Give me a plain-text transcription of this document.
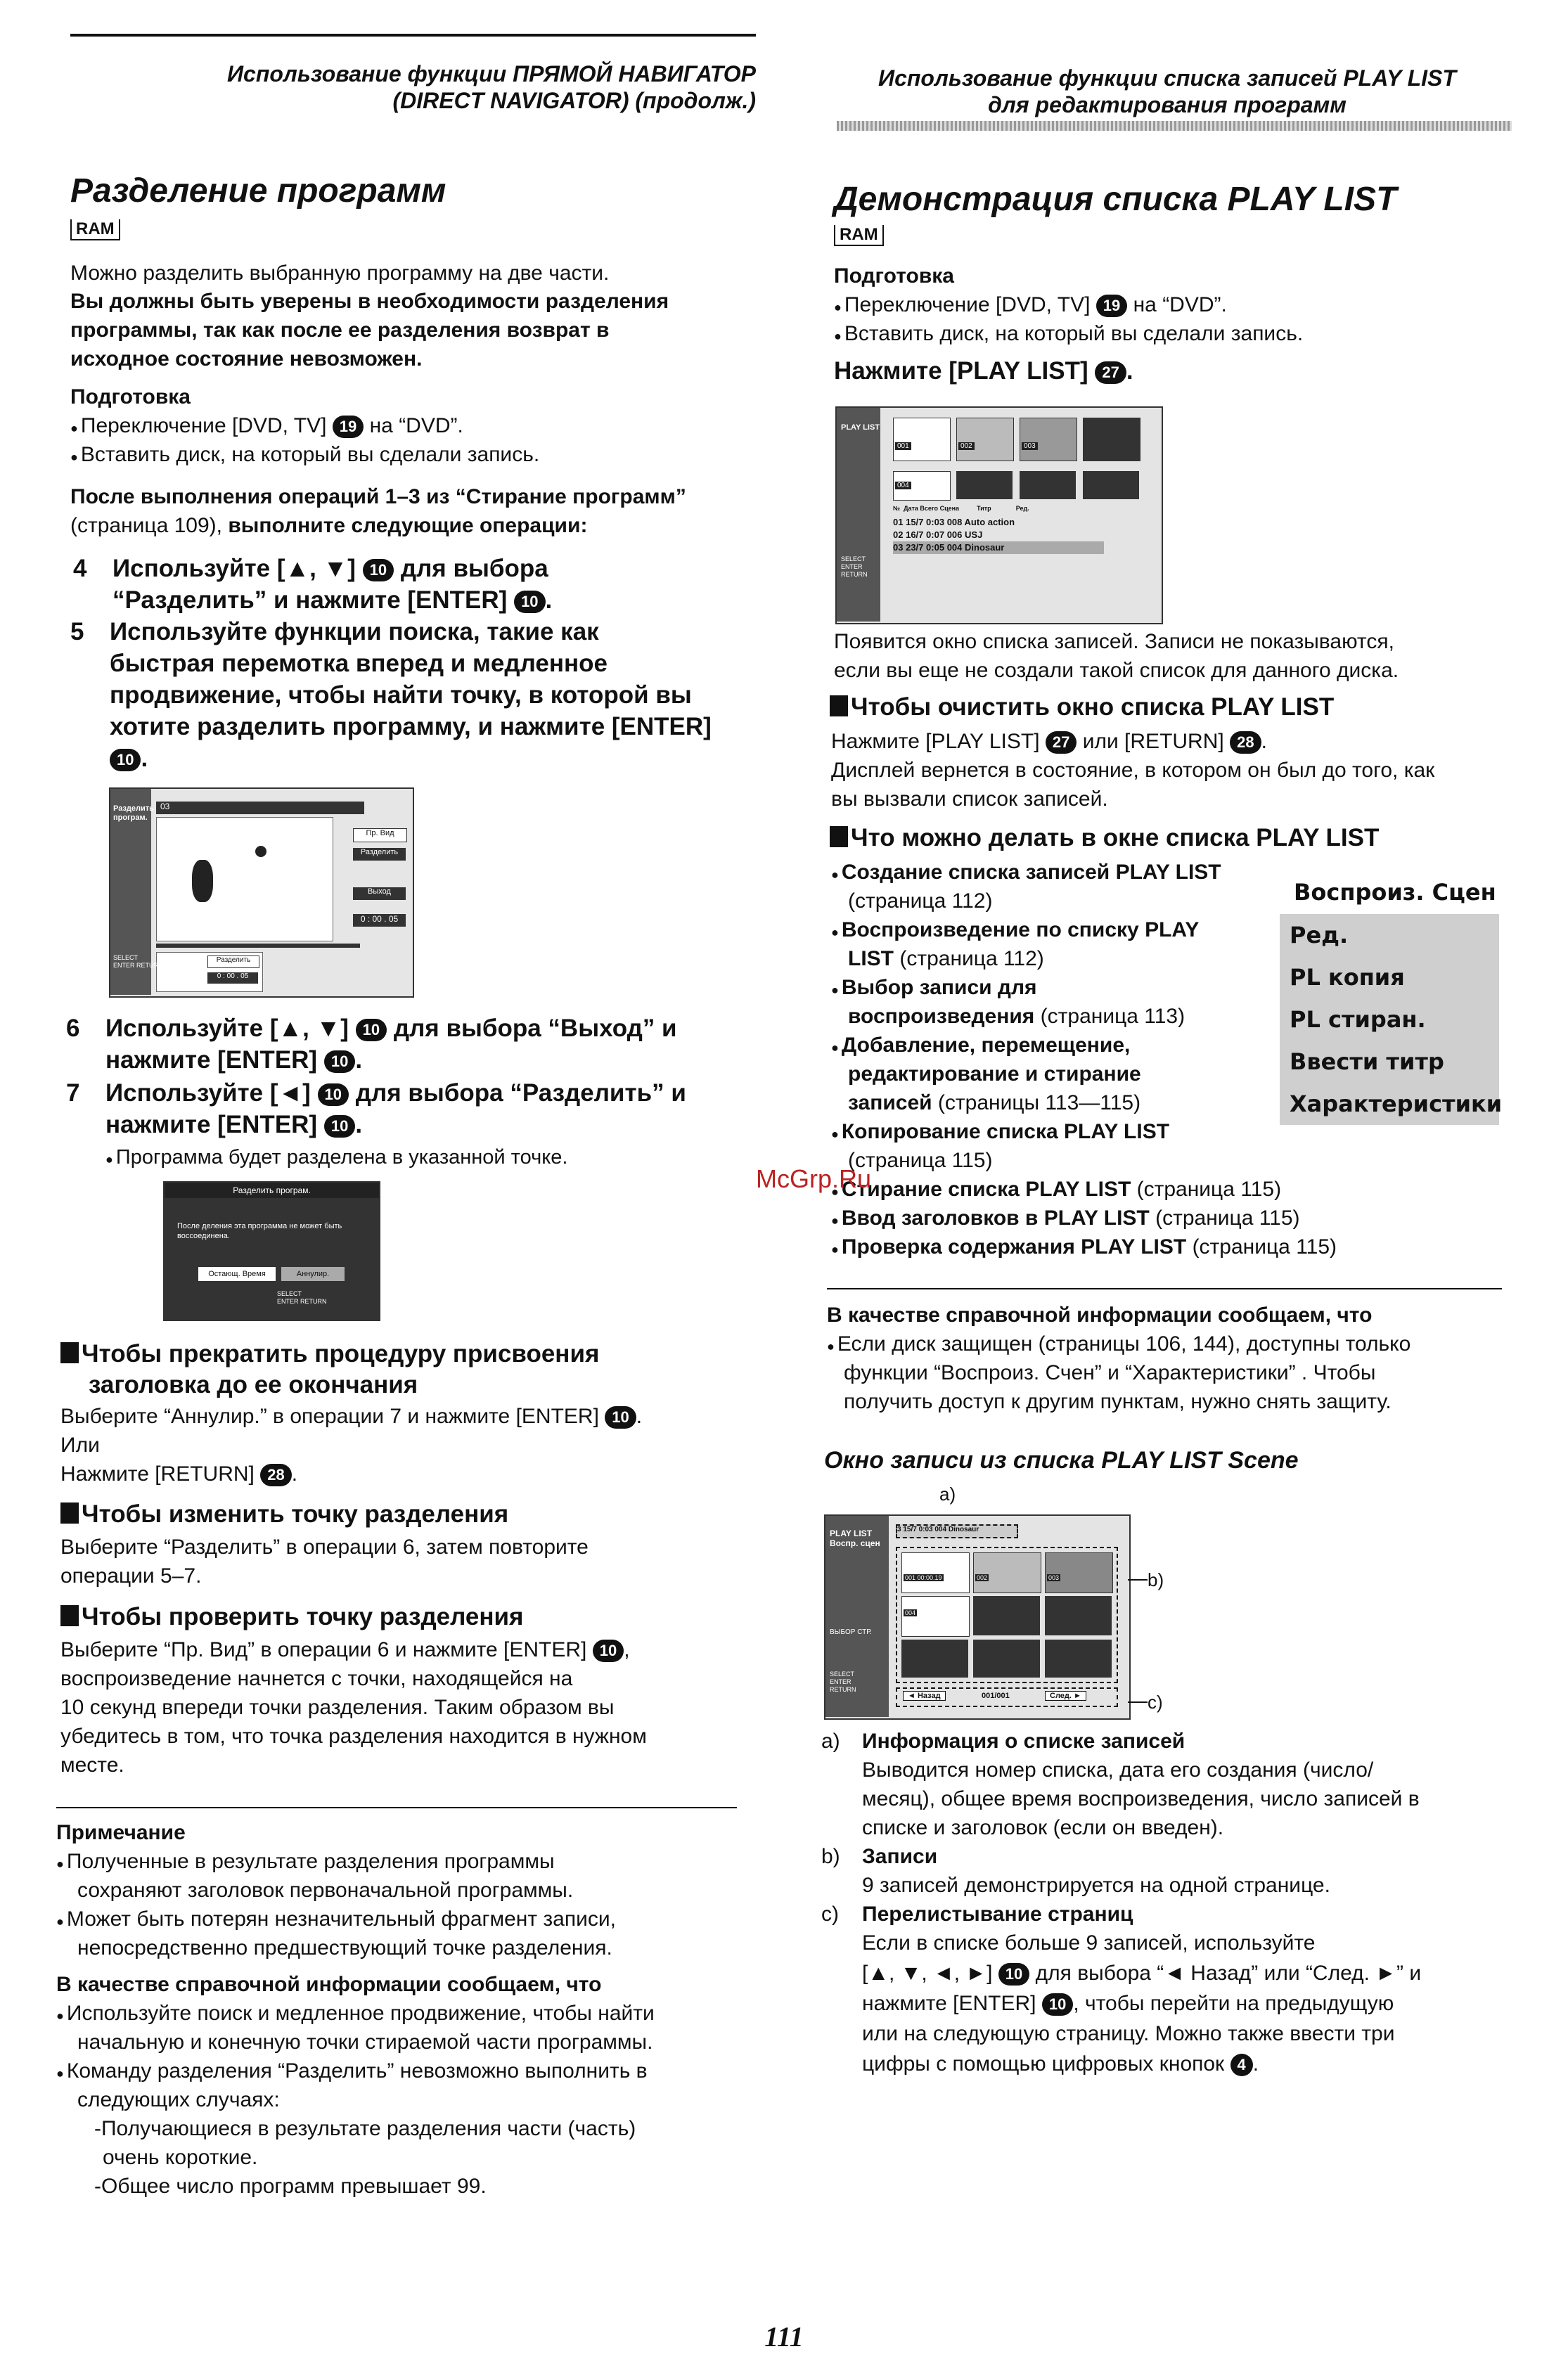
Использование функции ПРЯМОЙ НАВИГАТОР
(DIRECT NAVIGATOR) (продолж.)
Использование функции списка записей PLAY LIST
для редактирования программ
Разделение программ
RAM
Можно разделить выбранную программу на две части.
Вы должны быть уверены в необходимости разделения
программы, так как после ее разделения возврат в
исходное состояние невозможен.
Подготовка
● Переключение [DVD, TV] 19 на “DVD”.
● Вставить диск, на который вы сделали запись.
После выполнения операций 1–3 из “Стирание программ”
(страница 109), выполните следующие операции:
4 Используйте [▲, ▼] 10 для выбора
“Разделить” и нажмите [ENTER] 10 .
5 Используйте функции поиска, такие как
быстрая перемотка вперед и медленное
продвижение, чтобы найти точку, в которой вы
хотите разделить программу, и нажмите [ENTER]
10 .
Разделить
програм.
03
Пр. Вид
Разделить
Выход
0 : 00 . 05
Разделить
0 : 00 . 05
SELECT
ENTER RETURN
6 Используйте [▲, ▼] 10 для выбора “Выход” и
нажмите [ENTER] 10 .
7 Используйте [◄] 10 для выбора “Разделить” и
нажмите [ENTER] 10 .
● Программа будет разделена в указанной точке.
Разделить програм.
После деления эта программа не может быть
воссоединена.
Остающ. Время	Аннулир.
SELECT
ENTER RETURN
Чтобы прекратить процедуру присвоения
заголовка до ее окончания
Выберите “Аннулир.” в операции 7 и нажмите [ENTER] 10 .
Или
Нажмите [RETURN] 28 .
Чтобы изменить точку разделения
Выберите “Разделить” в операции 6, затем повторите
операции 5–7.
Чтобы проверить точку разделения
Выберите “Пр. Вид” в операции 6 и нажмите [ENTER] 10 ,
воспроизведение начнется с точки, находящейся на
10 секунд впереди точки разделения. Таким образом вы
убедитесь в том, что точка разделения находится в нужном
месте.
Примечание
● Полученные в результате разделения программы
сохраняют заголовок первоначальной программы.
● Может быть потерян незначительный фрагмент записи,
непосредственно предшествующий точке разделения.
В качестве справочной информации сообщаем, что
● Используйте поиск и медленное продвижение, чтобы найти
начальную и конечную точки стираемой части программы.
● Команду разделения “Разделить” невозможно выполнить в
следующих случаях:
-Получающиеся в результате разделения части (часть)
очень короткие.
-Общее число программ превышает 99.
Демонстрация списка PLAY LIST
RAM
Подготовка
● Переключение [DVD, TV] 19 на “DVD”.
● Вставить диск, на который вы сделали запись.
Нажмите [PLAY LIST] 27 .
PLAY LIST
001	002	003
004
№ Дата Всего Сцена	Титр	Ред.
01 15/7 0:03 008 Auto action
02 16/7 0:07 006 USJ
03 23/7 0:05 004 Dinosaur
SELECT
ENTER
RETURN
Появится окно списка записей. Записи не показываются,
если вы еще не создали такой список для данного диска.
Чтобы очистить окно списка PLAY LIST
Нажмите [PLAY LIST] 27 или [RETURN] 28 .
Дисплей вернется в состояние, в котором он был до того, как
вы вызвали список записей.
Что можно делать в окне списка PLAY LIST
● Создание списка записей PLAY LIST
(страница 112)
● Воспроизведение по списку PLAY
LIST (страница 112)
● Выбор записи для
воспроизведения (страница 113)
● Добавление, перемещение,
редактирование и стирание
записей (страницы 113—115)
● Копирование списка PLAY LIST
(страница 115)
● Стирание списка PLAY LIST (страница 115)
● Ввод заголовков в PLAY LIST (страница 115)
● Проверка содержания PLAY LIST (страница 115)
Воспроиз. Сцен
Ред.
PL копия
PL стиран.
Ввести титр
Характеристики
McGrp.Ru
В качестве справочной информации сообщаем, что
● Если диск защищен (страницы 106, 144), доступны только
функции “Воспроиз. Счен” и “Характеристики” . Чтобы
получить доступ к другим пунктам, нужно снять защиту.
Окно записи из списка PLAY LIST Scene
a)
PLAY LIST
Воспр. сцен
3 15/7 0:03 004 Dinosaur
001 00:00.19	002	003
004
ВЫБОР СТР.
◄ Назад	001/001	След. ►
SELECT
ENTER
RETURN
b)
c)
a) Информация о списке записей
Выводится номер списка, дата его создания (число/
месяц), общее время воспроизведения, число записей в
списке и заголовок (если он введен).
b) Записи
9 записей демонстрируется на одной странице.
c) Перелистывание страниц
Если в списке больше 9 записей, используйте
[▲, ▼, ◄, ►] 10 для выбора “◄ Назад” или “След. ►” и
нажмите [ENTER] 10 , чтобы перейти на предыдущую
или на следующую страницу. Можно также ввести три
цифры с помощью цифровых кнопок 4 .
111
